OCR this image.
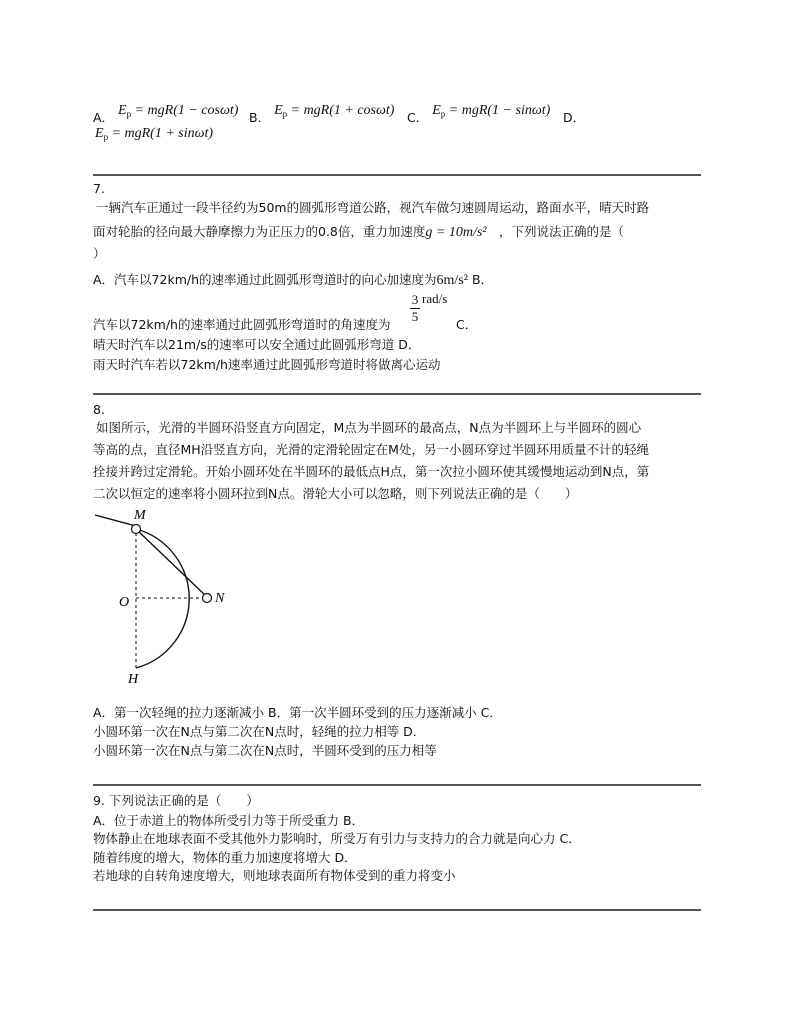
A． $E_p = mgR(1 - \cos\omega t)$ B． $E_p = mgR(1 + \cos\omega t)$ C． $E_p = mgR(1 - \sin\omega t)$ D．
$E_p = mgR(1 + \sin\omega t)$
7.
一辆汽车正通过一段半径约为50m的圆弧形弯道公路，视汽车做匀速圆周运动，路面水平，晴天时路
面对轮胎的径向最大静摩擦力为正压力的0.8倍，重力加速度g = 10m/s²　 ，下列说法正确的是（
）
A．汽车以72km/h的速率通过此圆弧形弯道时的向心加速度为6m/s² B．
3
5
rad/s
汽车以72km/h的速率通过此圆弧形弯道时的角速度为	C．
晴天时汽车以21m/s的速率可以安全通过此圆弧形弯道 D．
雨天时汽车若以72km/h速率通过此圆弧形弯道时将做离心运动
8.
如图所示，光滑的半圆环沿竖直方向固定，M点为半圆环的最高点，N点为半圆环上与半圆环的圆心
等高的点，直径MH沿竖直方向，光滑的定滑轮固定在M处，另一小圆环穿过半圆环用质量不计的轻绳
拴接并跨过定滑轮。开始小圆环处在半圆环的最低点H点，第一次拉小圆环使其缓慢地运动到N点，第
二次以恒定的速率将小圆环拉到N点。滑轮大小可以忽略，则下列说法正确的是（　　）
M
O	N
H
A．第一次轻绳的拉力逐渐减小 B．第一次半圆环受到的压力逐渐减小 C．
小圆环第一次在N点与第二次在N点时，轻绳的拉力相等 D．
小圆环第一次在N点与第二次在N点时，半圆环受到的压力相等
9. 下列说法正确的是（　　）
A．位于赤道上的物体所受引力等于所受重力 B．
物体静止在地球表面不受其他外力影响时，所受万有引力与支持力的合力就是向心力 C．
随着纬度的增大，物体的重力加速度将增大 D．
若地球的自转角速度增大，则地球表面所有物体受到的重力将变小
